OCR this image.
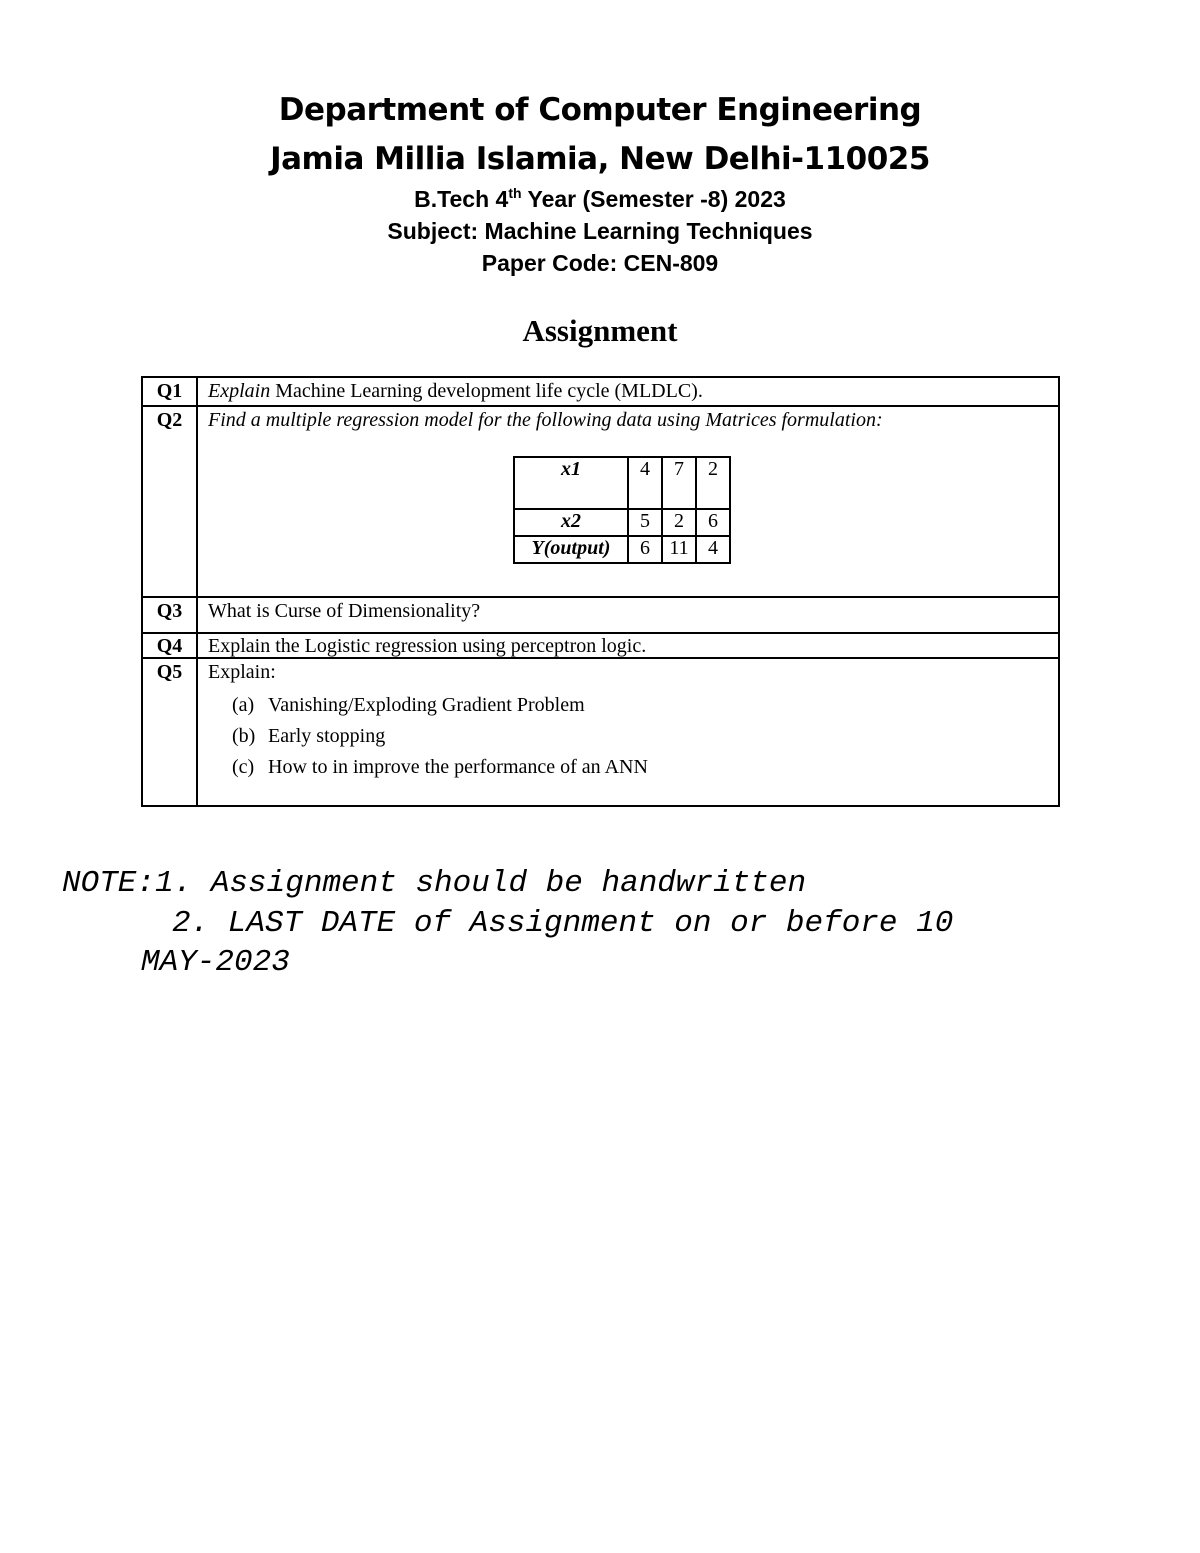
Department of Computer Engineering
Jamia Millia Islamia, New Delhi-110025
B.Tech 4th Year (Semester -8) 2023
Subject: Machine Learning Techniques
Paper Code: CEN-809
Assignment
Q1	Explain Machine Learning development life cycle (MLDLC).
Q2	Find a multiple regression model for the following data using Matrices formulation:
x1	4	7	2
x2	5	2	6
Y(output)	6	11	4

Q3	What is Curse of Dimensionality?
Q4	Explain the Logistic regression using perceptron logic.
Q5	Explain:
(a) Vanishing/Exploding Gradient Problem
(b) Early stopping
(c) How to in improve the performance of an ANN
NOTE:1. Assignment should be handwritten
2. LAST DATE of Assignment on or before 10
MAY-2023
